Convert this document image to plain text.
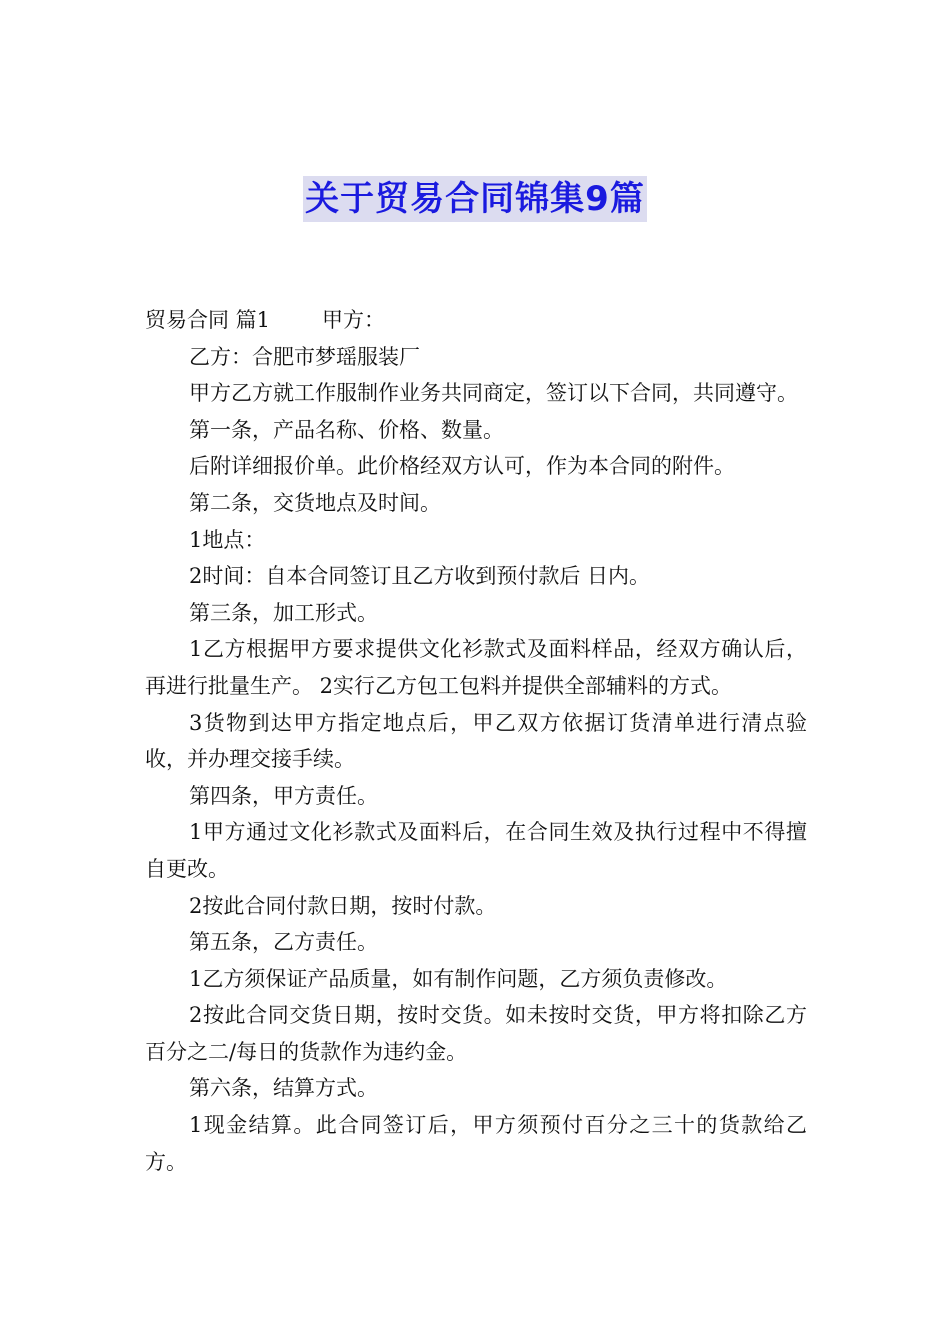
关于贸易合同锦集9篇

贸易合同 篇1 甲方：

乙方：合肥市梦瑶服装厂

甲方乙方就工作服制作业务共同商定，签订以下合同，共同遵守。

第一条，产品名称、价格、数量。

后附详细报价单。此价格经双方认可，作为本合同的附件。

第二条，交货地点及时间。

1地点：

2时间：自本合同签订且乙方收到预付款后 日内。

第三条，加工形式。

1乙方根据甲方要求提供文化衫款式及面料样品，经双方确认后，再进行批量生产。 2实行乙方包工包料并提供全部辅料的方式。

3货物到达甲方指定地点后，甲乙双方依据订货清单进行清点验收，并办理交接手续。

第四条，甲方责任。

1甲方通过文化衫款式及面料后，在合同生效及执行过程中不得擅自更改。

2按此合同付款日期，按时付款。

第五条，乙方责任。

1乙方须保证产品质量，如有制作问题，乙方须负责修改。

2按此合同交货日期，按时交货。如未按时交货，甲方将扣除乙方百分之二/每日的货款作为违约金。

第六条，结算方式。

1现金结算。此合同签订后，甲方须预付百分之三十的货款给乙方。
